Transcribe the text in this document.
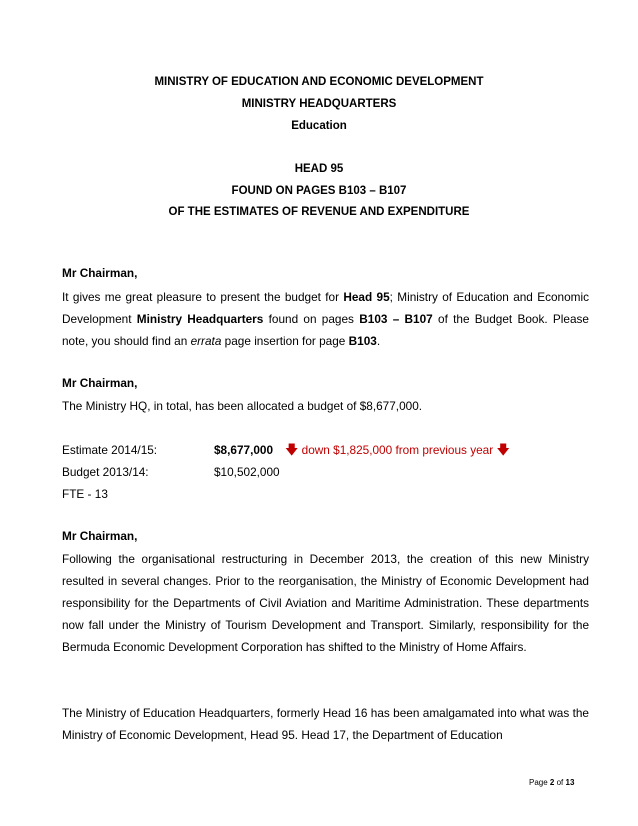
MINISTRY OF EDUCATION AND ECONOMIC DEVELOPMENT
MINISTRY HEADQUARTERS
Education
HEAD 95
FOUND ON PAGES B103 – B107
OF THE ESTIMATES OF REVENUE AND EXPENDITURE
Mr Chairman,
It gives me great pleasure to present the budget for Head 95; Ministry of Education and Economic Development Ministry Headquarters found on pages B103 – B107 of the Budget Book. Please note, you should find an errata page insertion for page B103.
Mr Chairman,
The Ministry HQ, in total, has been allocated a budget of $8,677,000.
Estimate 2014/15:	$8,677,000 🡇 down $1,825,000 from previous year 🡇
Budget 2013/14:	$10,502,000
FTE - 13
Mr Chairman,
Following the organisational restructuring in December 2013, the creation of this new Ministry resulted in several changes. Prior to the reorganisation, the Ministry of Economic Development had responsibility for the Departments of Civil Aviation and Maritime Administration. These departments now fall under the Ministry of Tourism Development and Transport. Similarly, responsibility for the Bermuda Economic Development Corporation has shifted to the Ministry of Home Affairs.
The Ministry of Education Headquarters, formerly Head 16 has been amalgamated into what was the Ministry of Economic Development, Head 95. Head 17, the Department of Education
Page 2 of 13
